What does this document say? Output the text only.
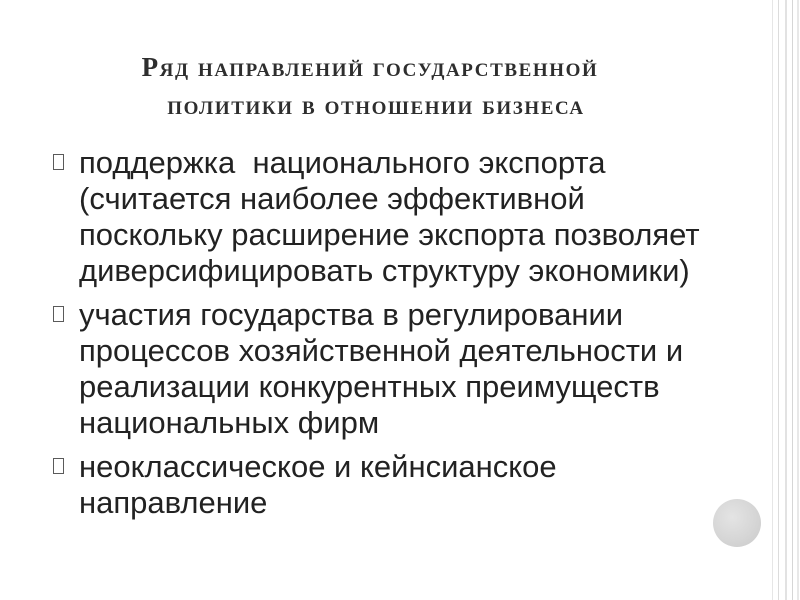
Ряд направлений государственной
политики в отношении бизнеса
поддержка  национального экспорта
(считается наиболее эффективной
поскольку расширение экспорта позволяет
диверсифицировать структуру экономики)
участия государства в регулировании
процессов хозяйственной деятельности и
реализации конкурентных преимуществ
национальных фирм
неоклассическое и кейнсианское
направление
